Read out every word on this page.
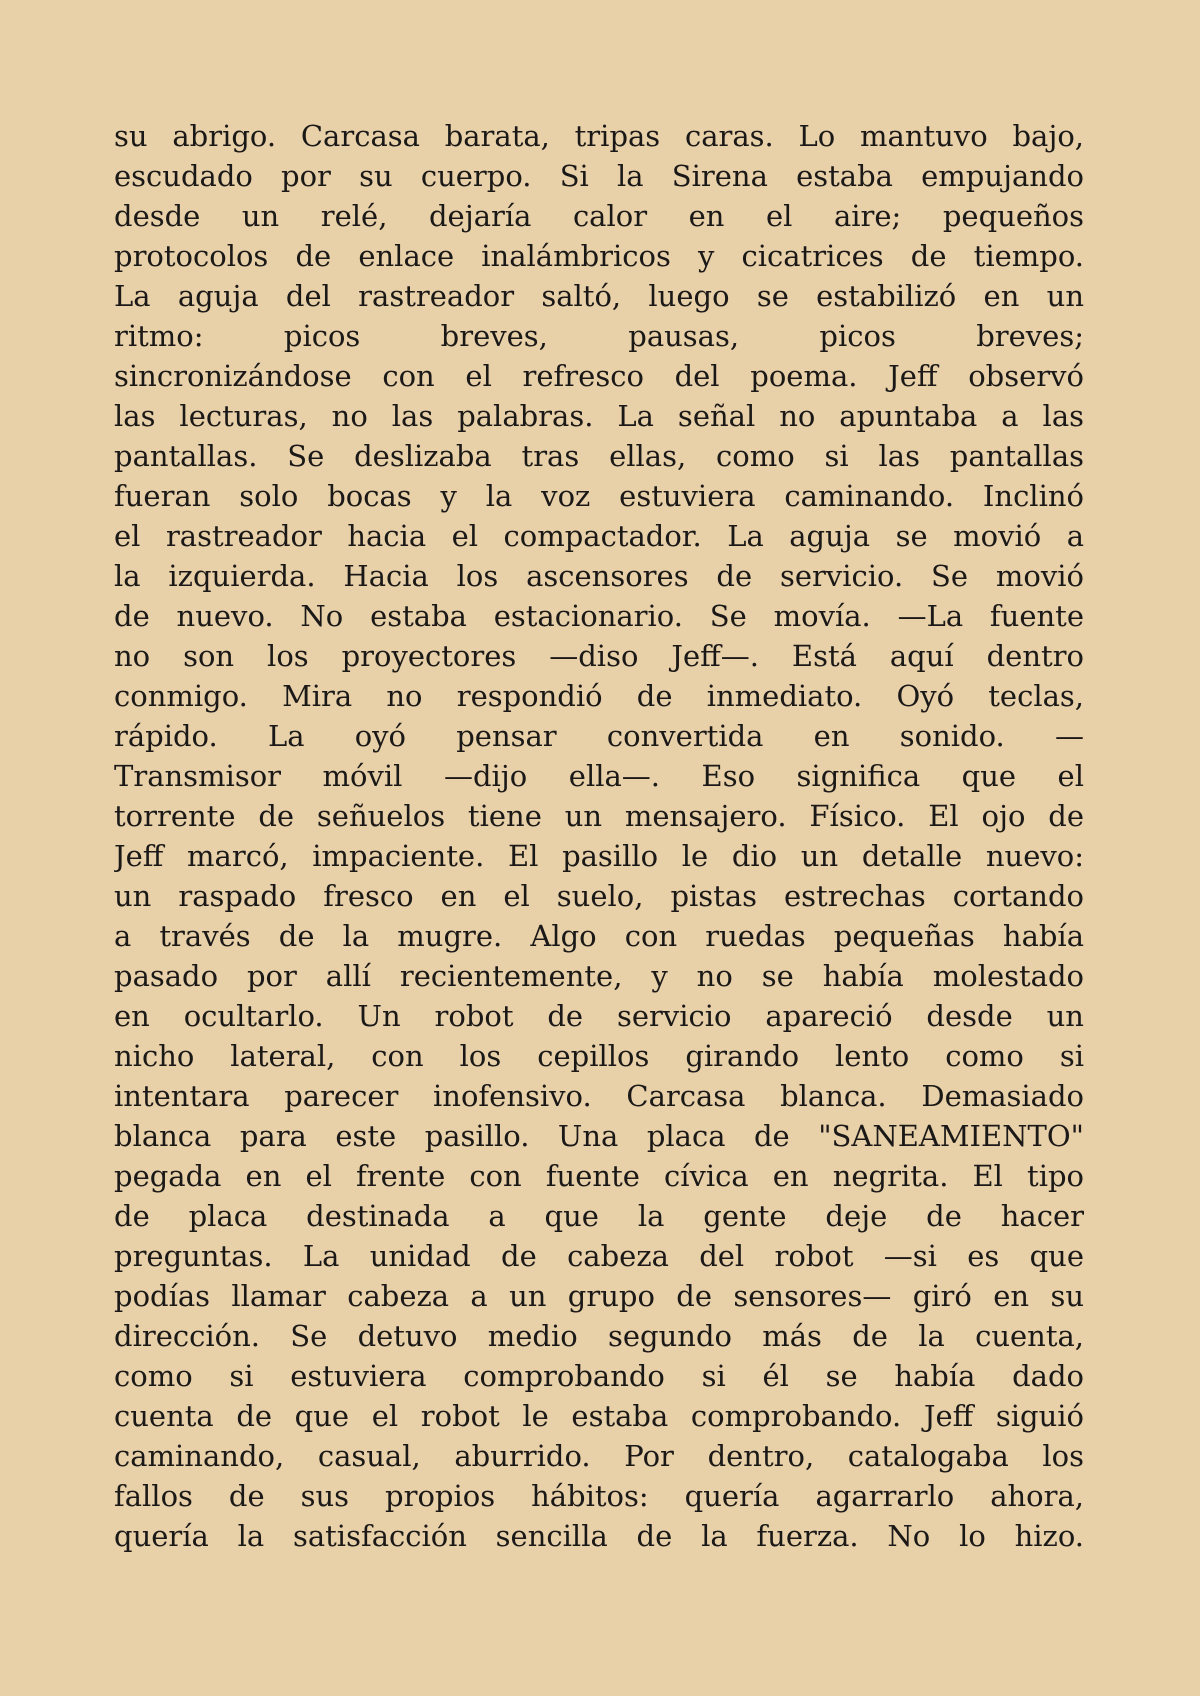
su abrigo. Carcasa barata, tripas caras. Lo mantuvo bajo,
escudado por su cuerpo. Si la Sirena estaba empujando
desde un relé, dejaría calor en el aire; pequeños
protocolos de enlace inalámbricos y cicatrices de tiempo.
La aguja del rastreador saltó, luego se estabilizó en un
ritmo: picos breves, pausas, picos breves;
sincronizándose con el refresco del poema. Jeff observó
las lecturas, no las palabras. La señal no apuntaba a las
pantallas. Se deslizaba tras ellas, como si las pantallas
fueran solo bocas y la voz estuviera caminando. Inclinó
el rastreador hacia el compactador. La aguja se movió a
la izquierda. Hacia los ascensores de servicio. Se movió
de nuevo. No estaba estacionario. Se movía. —La fuente
no son los proyectores —diso Jeff—. Está aquí dentro
conmigo. Mira no respondió de inmediato. Oyó teclas,
rápido. La oyó pensar convertida en sonido. —
Transmisor móvil —dijo ella—. Eso significa que el
torrente de señuelos tiene un mensajero. Físico. El ojo de
Jeff marcó, impaciente. El pasillo le dio un detalle nuevo:
un raspado fresco en el suelo, pistas estrechas cortando
a través de la mugre. Algo con ruedas pequeñas había
pasado por allí recientemente, y no se había molestado
en ocultarlo. Un robot de servicio apareció desde un
nicho lateral, con los cepillos girando lento como si
intentara parecer inofensivo. Carcasa blanca. Demasiado
blanca para este pasillo. Una placa de "SANEAMIENTO"
pegada en el frente con fuente cívica en negrita. El tipo
de placa destinada a que la gente deje de hacer
preguntas. La unidad de cabeza del robot —si es que
podías llamar cabeza a un grupo de sensores— giró en su
dirección. Se detuvo medio segundo más de la cuenta,
como si estuviera comprobando si él se había dado
cuenta de que el robot le estaba comprobando. Jeff siguió
caminando, casual, aburrido. Por dentro, catalogaba los
fallos de sus propios hábitos: quería agarrarlo ahora,
quería la satisfacción sencilla de la fuerza. No lo hizo.
